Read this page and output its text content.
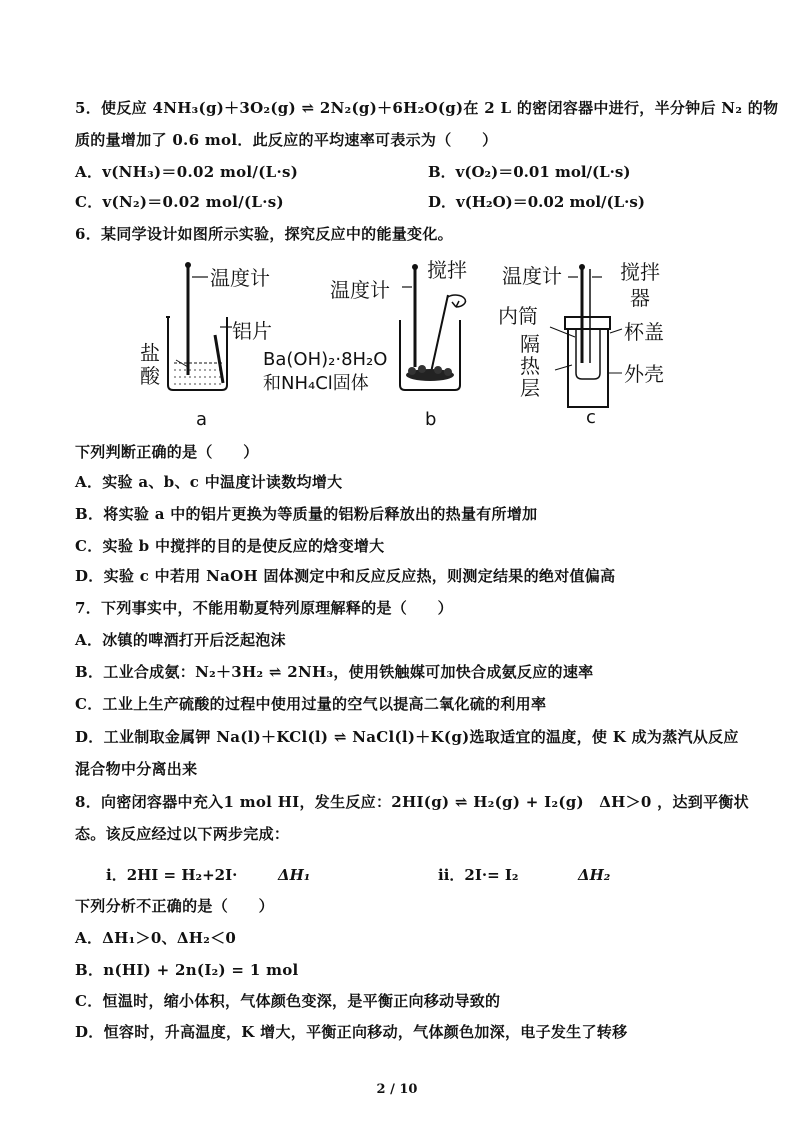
5．使反应 4NH₃(g)＋3O₂(g) ⇌ 2N₂(g)＋6H₂O(g)在 2 L 的密闭容器中进行，半分钟后 N₂ 的物
质的量增加了 0.6 mol．此反应的平均速率可表示为（　　）
A．v(NH₃)＝0.02 mol/(L·s)	B．v(O₂)＝0.01 mol/(L·s)
C．v(N₂)＝0.02 mol/(L·s)	D．v(H₂O)＝0.02 mol/(L·s)
6．某同学设计如图所示实验，探究反应中的能量变化。
温度计
铝片
盐
酸
a
温度计
搅拌
Ba(OH)₂·8H₂O
和NH₄Cl固体
b
温度计	搅拌
器
内筒
杯盖
隔
热
层
外壳
c
下列判断正确的是（　　）
A．实验 a、b、c 中温度计读数均增大
B．将实验 a 中的铝片更换为等质量的铝粉后释放出的热量有所增加
C．实验 b 中搅拌的目的是使反应的焓变增大
D．实验 c 中若用 NaOH 固体测定中和反应反应热，则测定结果的绝对值偏高
7．下列事实中，不能用勒夏特列原理解释的是（　　）
A．冰镇的啤酒打开后泛起泡沫
B．工业合成氨：N₂＋3H₂ ⇌ 2NH₃，使用铁触媒可加快合成氨反应的速率
C．工业上生产硫酸的过程中使用过量的空气以提高二氧化硫的利用率
D．工业制取金属钾 Na(l)＋KCl(l) ⇌ NaCl(l)＋K(g)选取适宜的温度，使 K 成为蒸汽从反应
混合物中分离出来
8．向密闭容器中充入1 mol HI，发生反应：2HI(g) ⇌ H₂(g) + I₂(g)　ΔH＞0 ，达到平衡状
态。该反应经过以下两步完成：
ⅰ．2HI = H₂+2I·	ΔH₁	ⅱ．2I·= I₂	ΔH₂
下列分析不正确的是（　　）
A．ΔH₁＞0、ΔH₂＜0
B．n(HI) + 2n(I₂) = 1 mol
C．恒温时，缩小体积，气体颜色变深，是平衡正向移动导致的
D．恒容时，升高温度，K 增大，平衡正向移动，气体颜色加深，电子发生了转移
2 / 10
